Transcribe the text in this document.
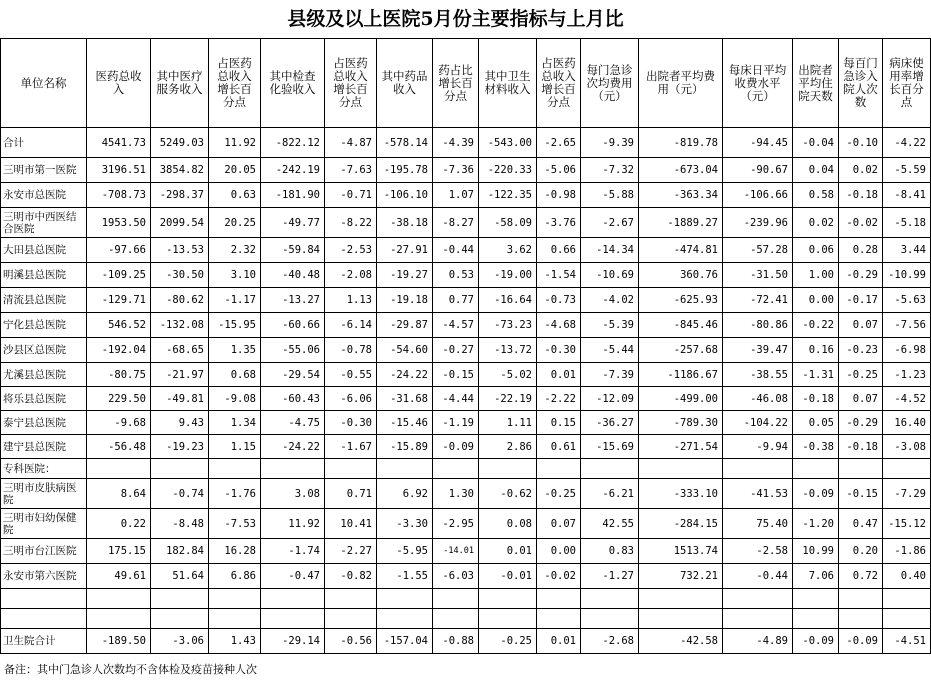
县级及以上医院5月份主要指标与上月比
单位名称	医药总收入	其中医疗服务收入	占医药总收入增长百分点	其中检查化验收入	占医药总收入增长百分点	其中药品收入	药占比增长百分点	其中卫生材料收入	占医药总收入增长百分点	每门急诊次均费用（元）	出院者平均费用（元）	每床日平均收费水平（元）	出院者平均住院天数	每百门急诊入院人次数	病床使用率增长百分点
合计	4541.73	5249.03	11.92	-822.12	-4.87	-578.14	-4.39	-543.00	-2.65	-9.39	-819.78	-94.45	-0.04	-0.10	-4.22
三明市第一医院	3196.51	3854.82	20.05	-242.19	-7.63	-195.78	-7.36	-220.33	-5.06	-7.32	-673.04	-90.67	0.04	0.02	-5.59
永安市总医院	-708.73	-298.37	0.63	-181.90	-0.71	-106.10	1.07	-122.35	-0.98	-5.88	-363.34	-106.66	0.58	-0.18	-8.41
三明市中西医结合医院	1953.50	2099.54	20.25	-49.77	-8.22	-38.18	-8.27	-58.09	-3.76	-2.67	-1889.27	-239.96	0.02	-0.02	-5.18
大田县总医院	-97.66	-13.53	2.32	-59.84	-2.53	-27.91	-0.44	3.62	0.66	-14.34	-474.81	-57.28	0.06	0.28	3.44
明溪县总医院	-109.25	-30.50	3.10	-40.48	-2.08	-19.27	0.53	-19.00	-1.54	-10.69	360.76	-31.50	1.00	-0.29	-10.99
清流县总医院	-129.71	-80.62	-1.17	-13.27	1.13	-19.18	0.77	-16.64	-0.73	-4.02	-625.93	-72.41	0.00	-0.17	-5.63
宁化县总医院	546.52	-132.08	-15.95	-60.66	-6.14	-29.87	-4.57	-73.23	-4.68	-5.39	-845.46	-80.86	-0.22	0.07	-7.56
沙县区总医院	-192.04	-68.65	1.35	-55.06	-0.78	-54.60	-0.27	-13.72	-0.30	-5.44	-257.68	-39.47	0.16	-0.23	-6.98
尤溪县总医院	-80.75	-21.97	0.68	-29.54	-0.55	-24.22	-0.15	-5.02	0.01	-7.39	-1186.67	-38.55	-1.31	-0.25	-1.23
将乐县总医院	229.50	-49.81	-9.08	-60.43	-6.06	-31.68	-4.44	-22.19	-2.22	-12.09	-499.00	-46.08	-0.18	0.07	-4.52
泰宁县总医院	-9.68	9.43	1.34	-4.75	-0.30	-15.46	-1.19	1.11	0.15	-36.27	-789.30	-104.22	0.05	-0.29	16.40
建宁县总医院	-56.48	-19.23	1.15	-24.22	-1.67	-15.89	-0.09	2.86	0.61	-15.69	-271.54	-9.94	-0.38	-0.18	-3.08
专科医院：															
三明市皮肤病医院	8.64	-0.74	-1.76	3.08	0.71	6.92	1.30	-0.62	-0.25	-6.21	-333.10	-41.53	-0.09	-0.15	-7.29
三明市妇幼保健院	0.22	-8.48	-7.53	11.92	10.41	-3.30	-2.95	0.08	0.07	42.55	-284.15	75.40	-1.20	0.47	-15.12
三明市台江医院	175.15	182.84	16.28	-1.74	-2.27	-5.95	-14.01	0.01	0.00	0.83	1513.74	-2.58	10.99	0.20	-1.86
永安市第六医院	49.61	51.64	6.86	-0.47	-0.82	-1.55	-6.03	-0.01	-0.02	-1.27	732.21	-0.44	7.06	0.72	0.40

卫生院合计	-189.50	-3.06	1.43	-29.14	-0.56	-157.04	-0.88	-0.25	0.01	-2.68	-42.58	-4.89	-0.09	-0.09	-4.51
备注：其中门急诊人次数均不含体检及疫苗接种人次
